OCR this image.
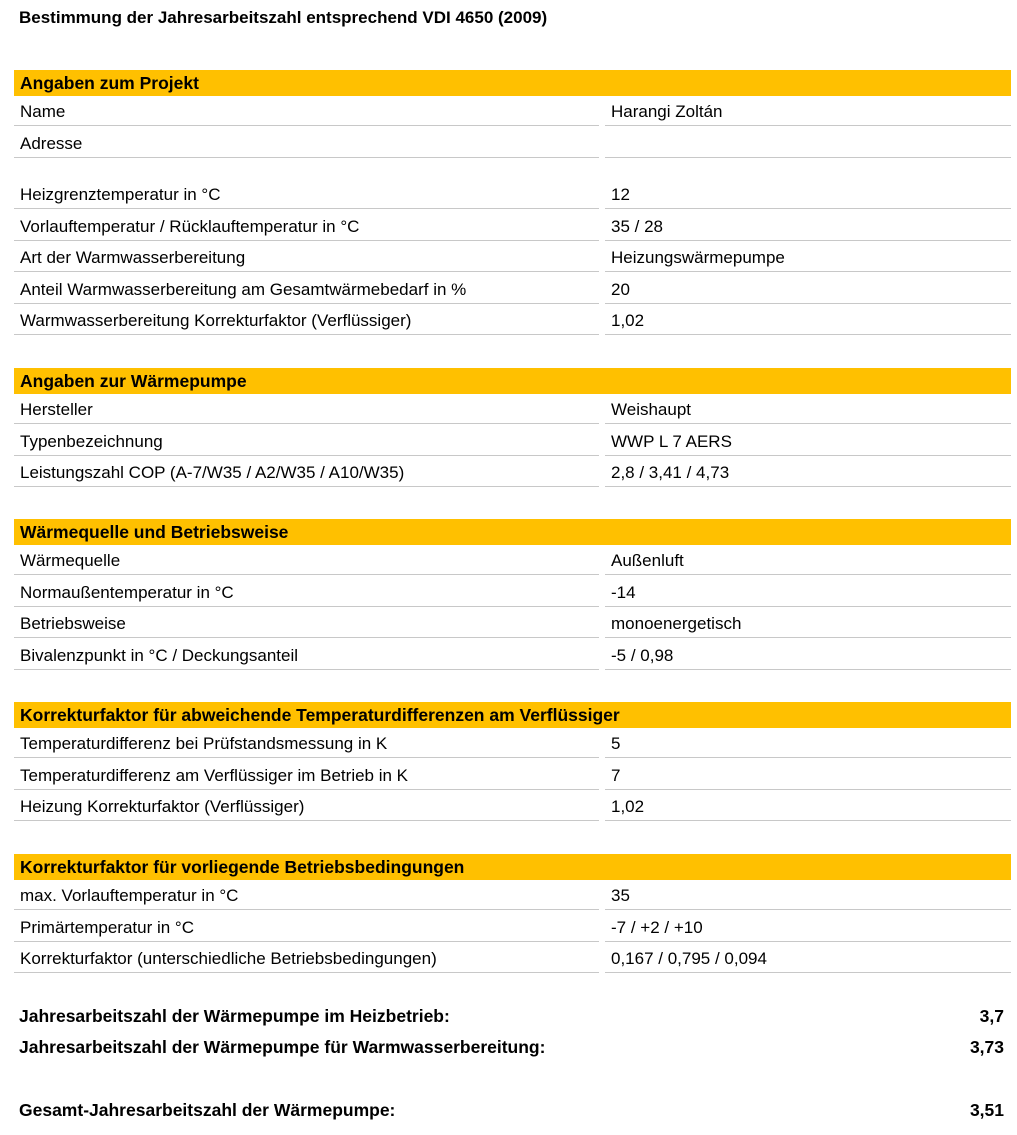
Bestimmung der Jahresarbeitszahl entsprechend VDI 4650 (2009)
Angaben zum Projekt
Name	Harangi Zoltán
Adresse
Heizgrenztemperatur in °C	12
Vorlauftemperatur / Rücklauftemperatur in °C	35 / 28
Art der Warmwasserbereitung	Heizungswärmepumpe
Anteil Warmwasserbereitung am Gesamtwärmebedarf in %	20
Warmwasserbereitung Korrekturfaktor (Verflüssiger)	1,02
Angaben zur Wärmepumpe
Hersteller	Weishaupt
Typenbezeichnung	WWP L 7 AERS
Leistungszahl COP (A-7/W35 / A2/W35 / A10/W35)	2,8 / 3,41 / 4,73
Wärmequelle und Betriebsweise
Wärmequelle	Außenluft
Normaußentemperatur in °C	-14
Betriebsweise	monoenergetisch
Bivalenzpunkt in °C / Deckungsanteil	-5 / 0,98
Korrekturfaktor für abweichende Temperaturdifferenzen am Verflüssiger
Temperaturdifferenz bei Prüfstandsmessung in K	5
Temperaturdifferenz am Verflüssiger im Betrieb in K	7
Heizung Korrekturfaktor (Verflüssiger)	1,02
Korrekturfaktor für vorliegende Betriebsbedingungen
max. Vorlauftemperatur in °C	35
Primärtemperatur in °C	-7 / +2 / +10
Korrekturfaktor (unterschiedliche Betriebsbedingungen)	0,167 / 0,795 / 0,094
Jahresarbeitszahl der Wärmepumpe im Heizbetrieb:	3,7
Jahresarbeitszahl der Wärmepumpe für Warmwasserbereitung:	3,73
Gesamt-Jahresarbeitszahl der Wärmepumpe:	3,51
